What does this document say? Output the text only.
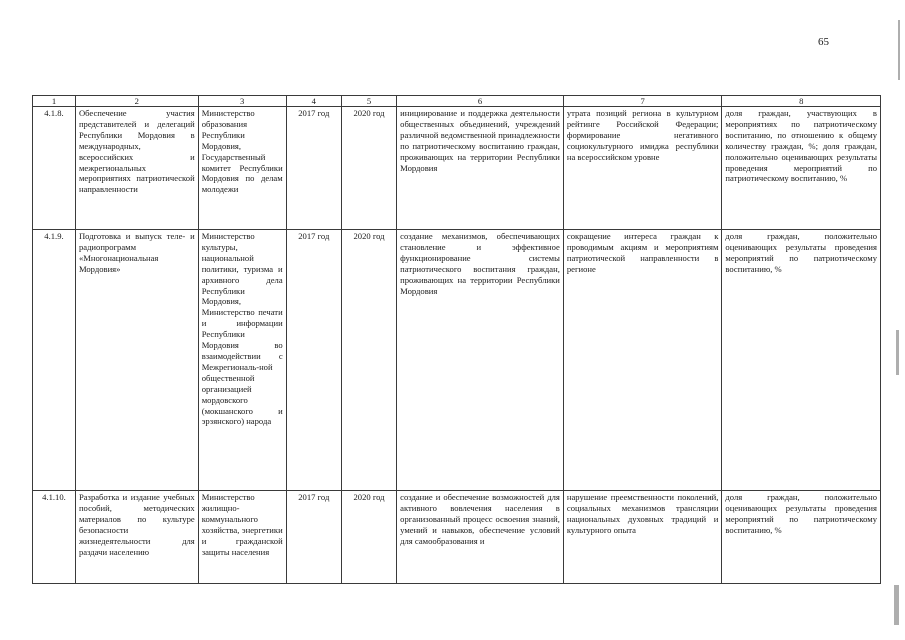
65
1	2	3	4	5	6	7	8
4.1.8.	Обеспечение участия представителей и делегаций Республики Мордовия в международных, всероссийских и межрегиональных мероприятиях патриотической направленности	Министерство образования Республики Мордовия, Государственный комитет Республики Мордовия по делам молодежи	2017 год	2020 год	инициирование и поддержка деятельности общественных объединений, учреждений различной ведомственной принадлежности по патриотическому воспитанию граждан, проживающих на территории Республики Мордовия	утрата позиций региона в культурном рейтинге Российской Федерации; формирование негативного социокультурного имиджа республики на всероссийском уровне	доля граждан, участвующих в мероприятиях по патриотическому воспитанию, по отношению к общему количеству граждан, %; доля граждан, положительно оценивающих результаты проведения мероприятий по патриотическому воспитанию, %
4.1.9.	Подготовка и выпуск теле- и радиопрограмм «Многонациональная Мордовия»	Министерство культуры, национальной политики, туризма и архивного дела Республики Мордовия, Министерство печати и информации Республики Мордовия во взаимодействии с Межрегиональ-ной общественной организацией мордовского (мокшанского и эрзянского) народа	2017 год	2020 год	создание механизмов, обеспечивающих становление и эффективное функционирование системы патриотического воспитания граждан, проживающих на территории Республики Мордовия	сокращение интереса граждан к проводимым акциям и мероприятиям патриотической направленности в регионе	доля граждан, положительно оценивающих результаты проведения мероприятий по патриотическому воспитанию, %
4.1.10.	Разработка и издание учебных пособий, методических материалов по культуре безопасности жизнедеятельности для раздачи населению	Министерство жилищно-коммунального хозяйства, энергетики и гражданской защиты населения	2017 год	2020 год	создание и обеспечение возможностей для активного вовлечения населения в организованный процесс освоения знаний, умений и навыков, обеспечение условий для самообразования и	нарушение преемственности поколений, социальных механизмов трансляции национальных духовных традиций и культурного опыта	доля граждан, положительно оценивающих результаты проведения мероприятий по патриотическому воспитанию, %
